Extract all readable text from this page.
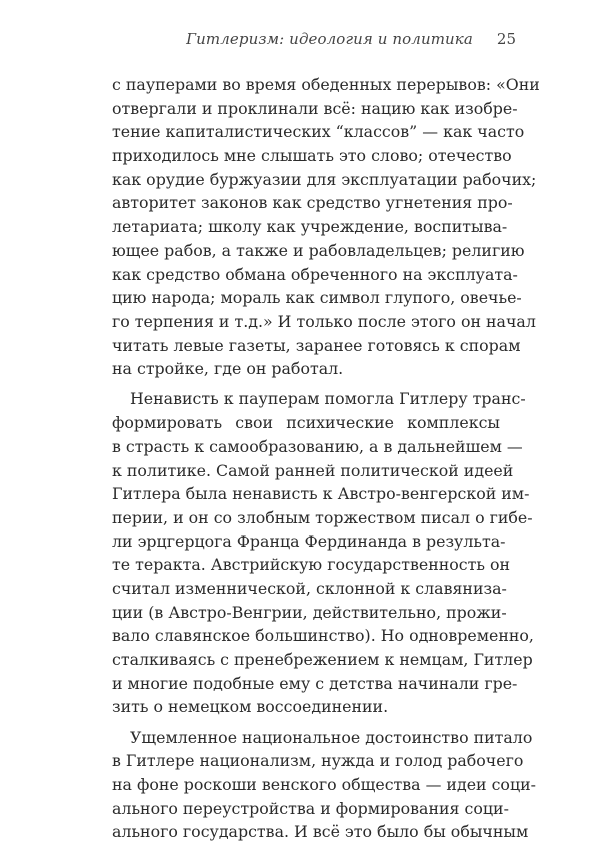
Гитлеризм: идеология и политика 25
с пауперами во время обеденных перерывов: «Они
отвергали и проклинали всё: нацию как изобре-
тение капиталистических “классов” — как часто
приходилось мне слышать это слово; отечество
как орудие буржуазии для эксплуатации рабочих;
авторитет законов как средство угнетения про-
летариата; школу как учреждение, воспитыва-
ющее рабов, а также и рабовладельцев; религию
как средство обмана обреченного на эксплуата-
цию народа; мораль как символ глупого, овечье-
го терпения и т.д.» И только после этого он начал
читать левые газеты, заранее готовясь к спорам
на стройке, где он работал.
Ненависть к пауперам помогла Гитлеру транс-
формировать свои психические комплексы
в страсть к самообразованию, а в дальнейшем —
к политике. Самой ранней политической идеей
Гитлера была ненависть к Австро-венгерской им-
перии, и он со злобным торжеством писал о гибе-
ли эрцгерцога Франца Фердинанда в результа-
те теракта. Австрийскую государственность он
считал изменнической, склонной к славянизa-
ции (в Австро-Венгрии, действительно, прожи-
вало славянское большинство). Но одновременно,
сталкиваясь с пренебрежением к немцам, Гитлер
и многие подобные ему с детства начинали гре-
зить о немецком воссоединении.
Ущемленное национальное достоинство питало
в Гитлере национализм, нужда и голод рабочего
на фоне роскоши венского общества — идеи соци-
ального переустройства и формирования соци-
ального государства. И всё это было бы обычным
